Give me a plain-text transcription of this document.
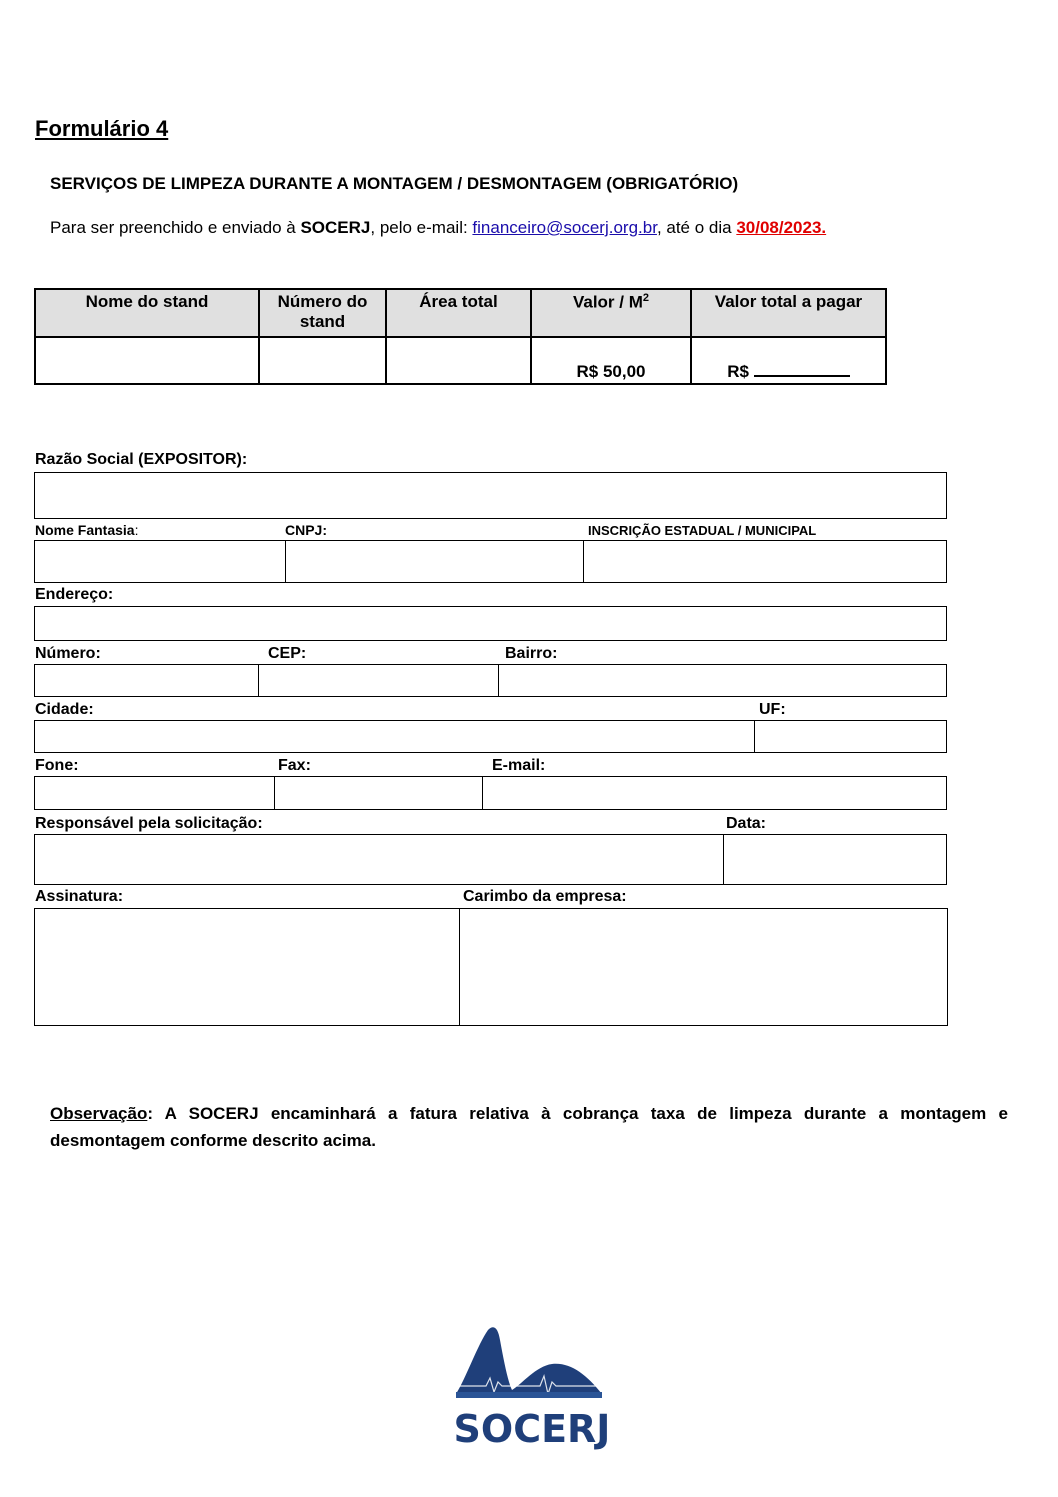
Formulário 4
SERVIÇOS DE LIMPEZA DURANTE A MONTAGEM / DESMONTAGEM (OBRIGATÓRIO)
Para ser preenchido e enviado à SOCERJ, pelo e-mail: financeiro@socerj.org.br, até o dia 30/08/2023.
Nome do stand	Número do stand	Área total	Valor / $M^2$	Valor total a pagar
			R$ 50,00	R$
Razão Social (EXPOSITOR):
Nome Fantasia:	CNPJ:	INSCRIÇÃO ESTADUAL / MUNICIPAL
Endereço:
Número:	CEP:	Bairro:
Cidade:	UF:
Fone:	Fax:	E-mail:
Responsável pela solicitação:	Data:
Assinatura:	Carimbo da empresa:
Observação: A SOCERJ encaminhará a fatura relativa à cobrança taxa de limpeza durante a montagem e desmontagem conforme descrito acima.
SOCERJ
